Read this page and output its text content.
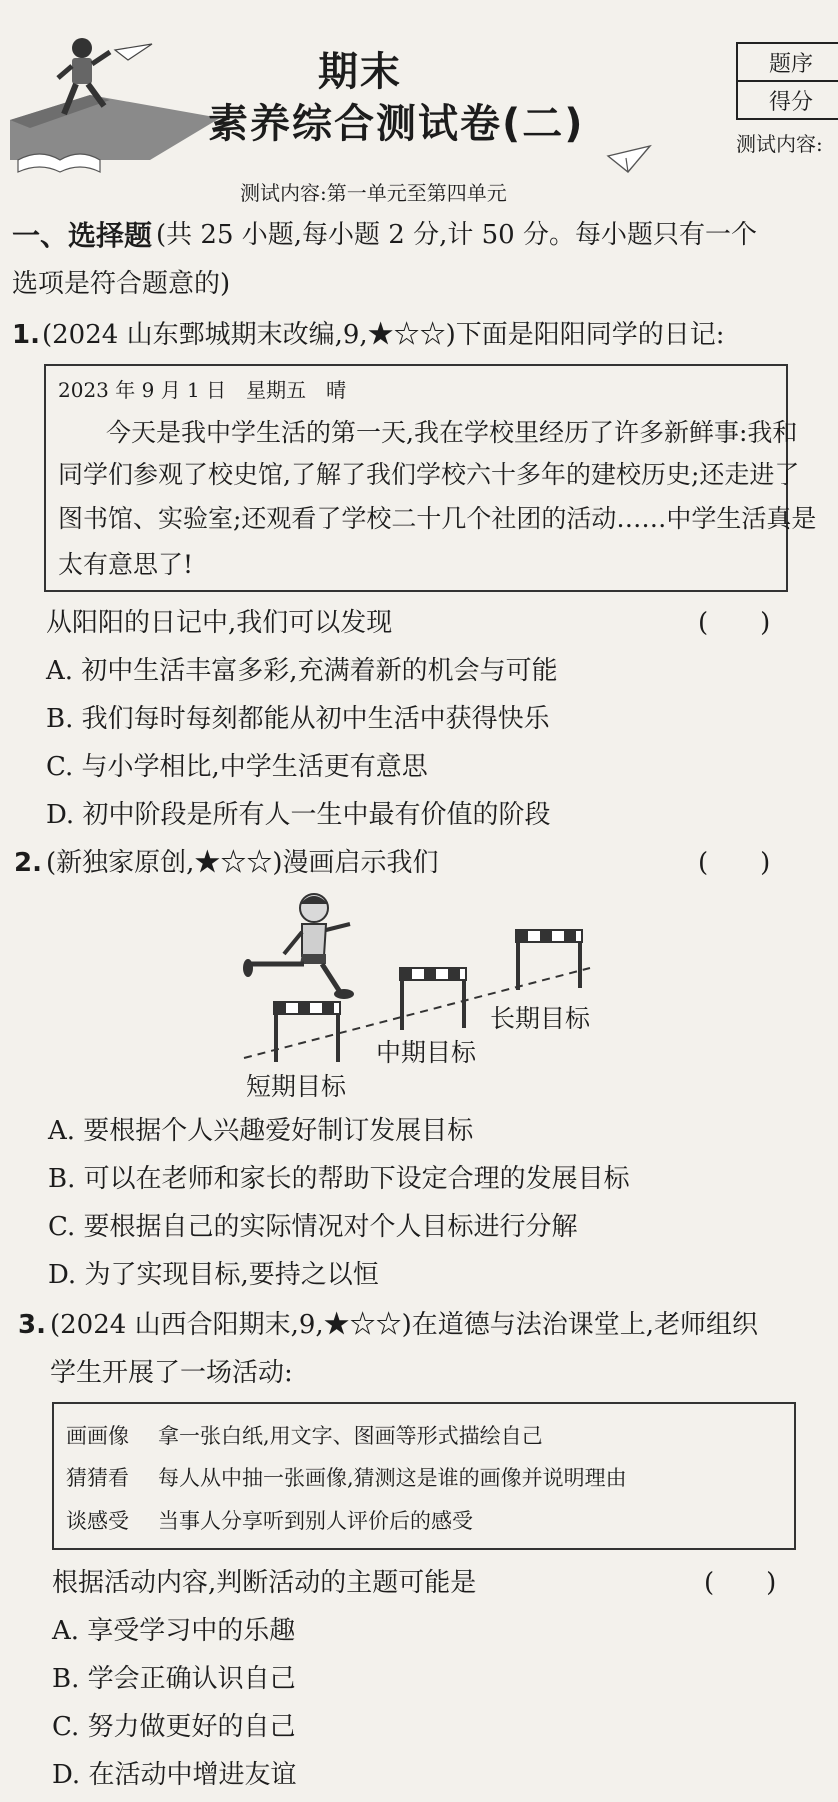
期末
素养综合测试卷(二)
题序
得分
测试内容:
测试内容:第一单元至第四单元
一、选择题 (共 25 小题,每小题 2 分,计 50 分。每小题只有一个
选项是符合题意的)
1. (2024 山东鄄城期末改编,9,★☆☆)下面是阳阳同学的日记:
2023 年 9 月 1 日　星期五　晴
今天是我中学生活的第一天,我在学校里经历了许多新鲜事:我和
同学们参观了校史馆,了解了我们学校六十多年的建校历史;还走进了
图书馆、实验室;还观看了学校二十几个社团的活动……中学生活真是
太有意思了!
从阳阳的日记中,我们可以发现	(　　)
A. 初中生活丰富多彩,充满着新的机会与可能
B. 我们每时每刻都能从初中生活中获得快乐
C. 与小学相比,中学生活更有意思
D. 初中阶段是所有人一生中最有价值的阶段
2. (新独家原创,★☆☆)漫画启示我们	(　　)
短期目标
中期目标
长期目标
A. 要根据个人兴趣爱好制订发展目标
B. 可以在老师和家长的帮助下设定合理的发展目标
C. 要根据自己的实际情况对个人目标进行分解
D. 为了实现目标,要持之以恒
3. (2024 山西合阳期末,9,★☆☆)在道德与法治课堂上,老师组织
学生开展了一场活动:
画画像 拿一张白纸,用文字、图画等形式描绘自己
猜猜看 每人从中抽一张画像,猜测这是谁的画像并说明理由
谈感受 当事人分享听到别人评价后的感受
根据活动内容,判断活动的主题可能是	(　　)
A. 享受学习中的乐趣
B. 学会正确认识自己
C. 努力做更好的自己
D. 在活动中增进友谊
